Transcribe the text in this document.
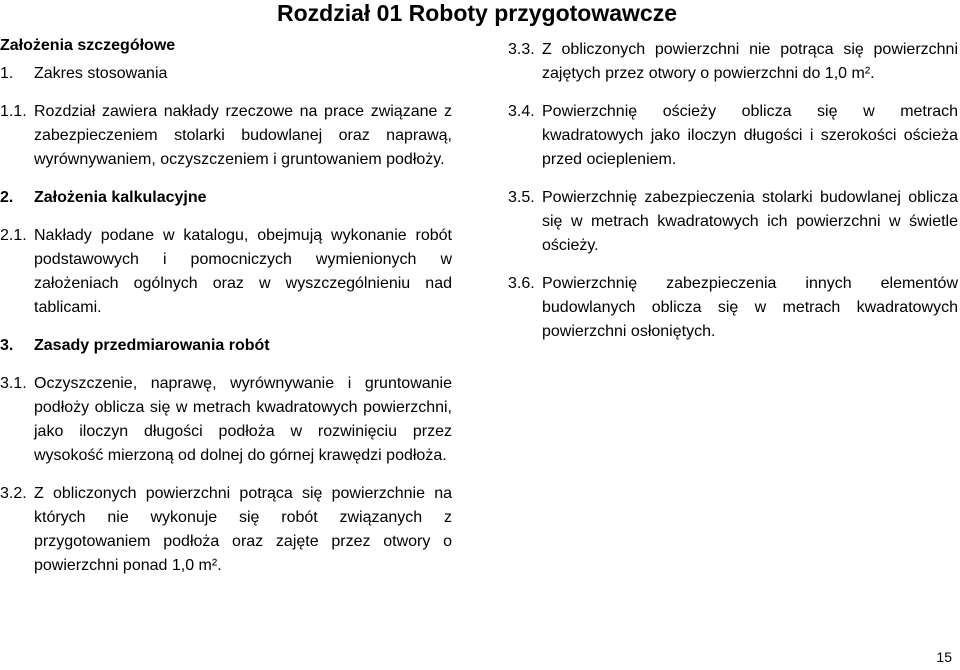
Rozdział 01 Roboty przygotowawcze

Założenia szczegółowe

1.	Zakres stosowania
1.1. Rozdział zawiera nakłady rzeczowe na prace związane z zabezpieczeniem stolarki budowlanej oraz naprawą, wyrównywaniem, oczyszczeniem i gruntowaniem podłoży.
2.	Założenia kalkulacyjne
2.1. Nakłady podane w katalogu, obejmują wykonanie robót podstawowych i pomocniczych wymienionych w założeniach ogólnych oraz w wyszczególnieniu nad tablicami.
3.	Zasady przedmiarowania robót
3.1. Oczyszczenie, naprawę, wyrównywanie i gruntowanie podłoży oblicza się w metrach kwadratowych powierzchni, jako iloczyn długości podłoża w rozwinięciu przez wysokość mierzoną od dolnej do górnej krawędzi podłoża.
3.2. Z obliczonych powierzchni potrąca się powierzchnie na których nie wykonuje się robót związanych z przygotowaniem podłoża oraz zajęte przez otwory o powierzchni ponad 1,0 m².
3.3. Z obliczonych powierzchni nie potrąca się powierzchni zajętych przez otwory o powierzchni do 1,0 m².
3.4. Powierzchnię ościeży oblicza się w metrach kwadratowych jako iloczyn długości i szerokości ościeża przed ociepleniem.
3.5. Powierzchnię zabezpieczenia stolarki budowlanej oblicza się w metrach kwadratowych ich powierzchni w świetle ościeży.
3.6. Powierzchnię zabezpieczenia innych elementów budowlanych oblicza się w metrach kwadratowych powierzchni osłoniętych.
15
